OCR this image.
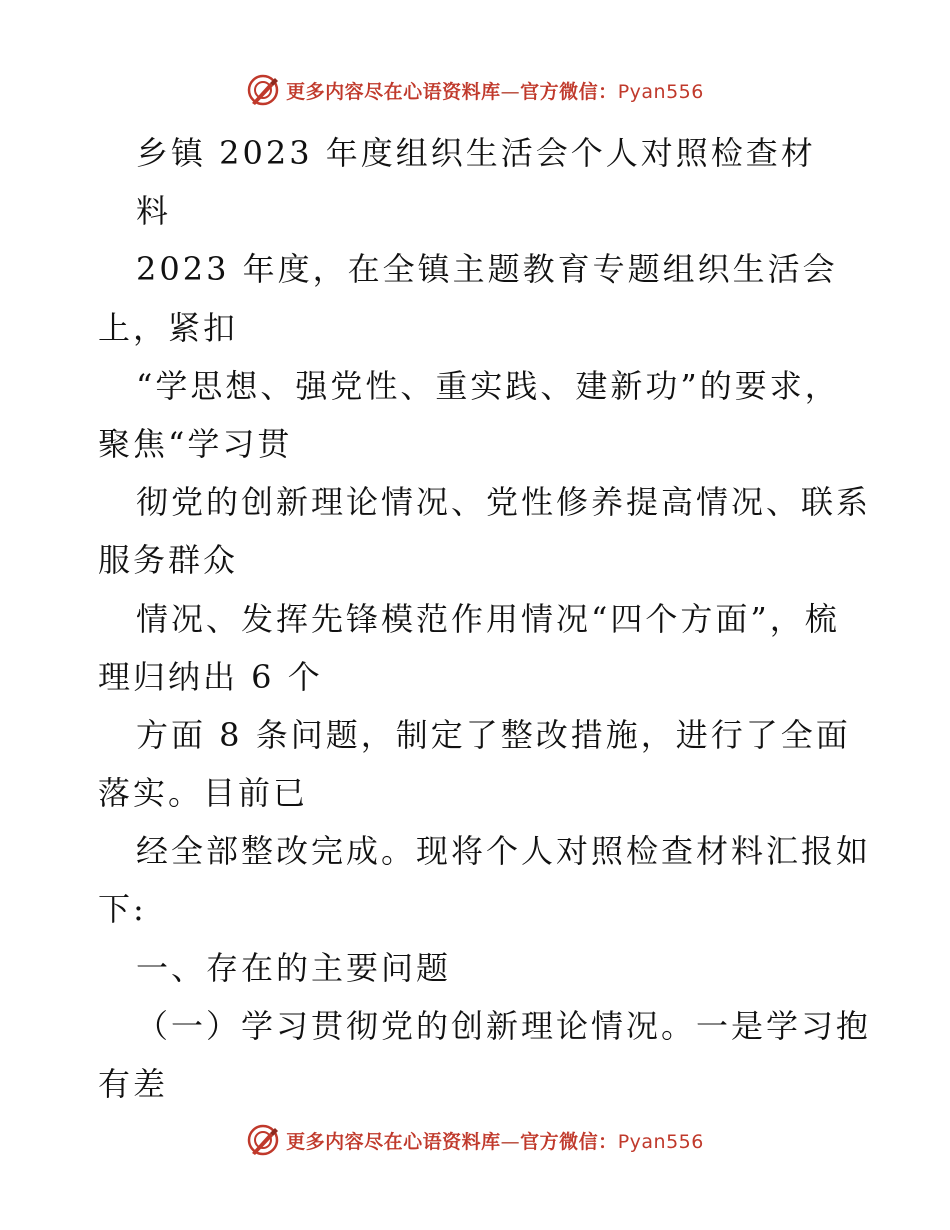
更多内容尽在心语资料库—官方微信：Pyan556
乡镇 2023 年度组织生活会个人对照检查材
料
2023 年度，在全镇主题教育专题组织生活会
上，紧扣
“学思想、强党性、重实践、建新功”的要求，
聚焦“学习贯
彻党的创新理论情况、党性修养提高情况、联系
服务群众
情况、发挥先锋模范作用情况“四个方面”，梳
理归纳出 6 个
方面 8 条问题，制定了整改措施，进行了全面
落实。目前已
经全部整改完成。现将个人对照检查材料汇报如
下:
一、存在的主要问题
（一）学习贯彻党的创新理论情况。一是学习抱
有差
更多内容尽在心语资料库—官方微信：Pyan556
